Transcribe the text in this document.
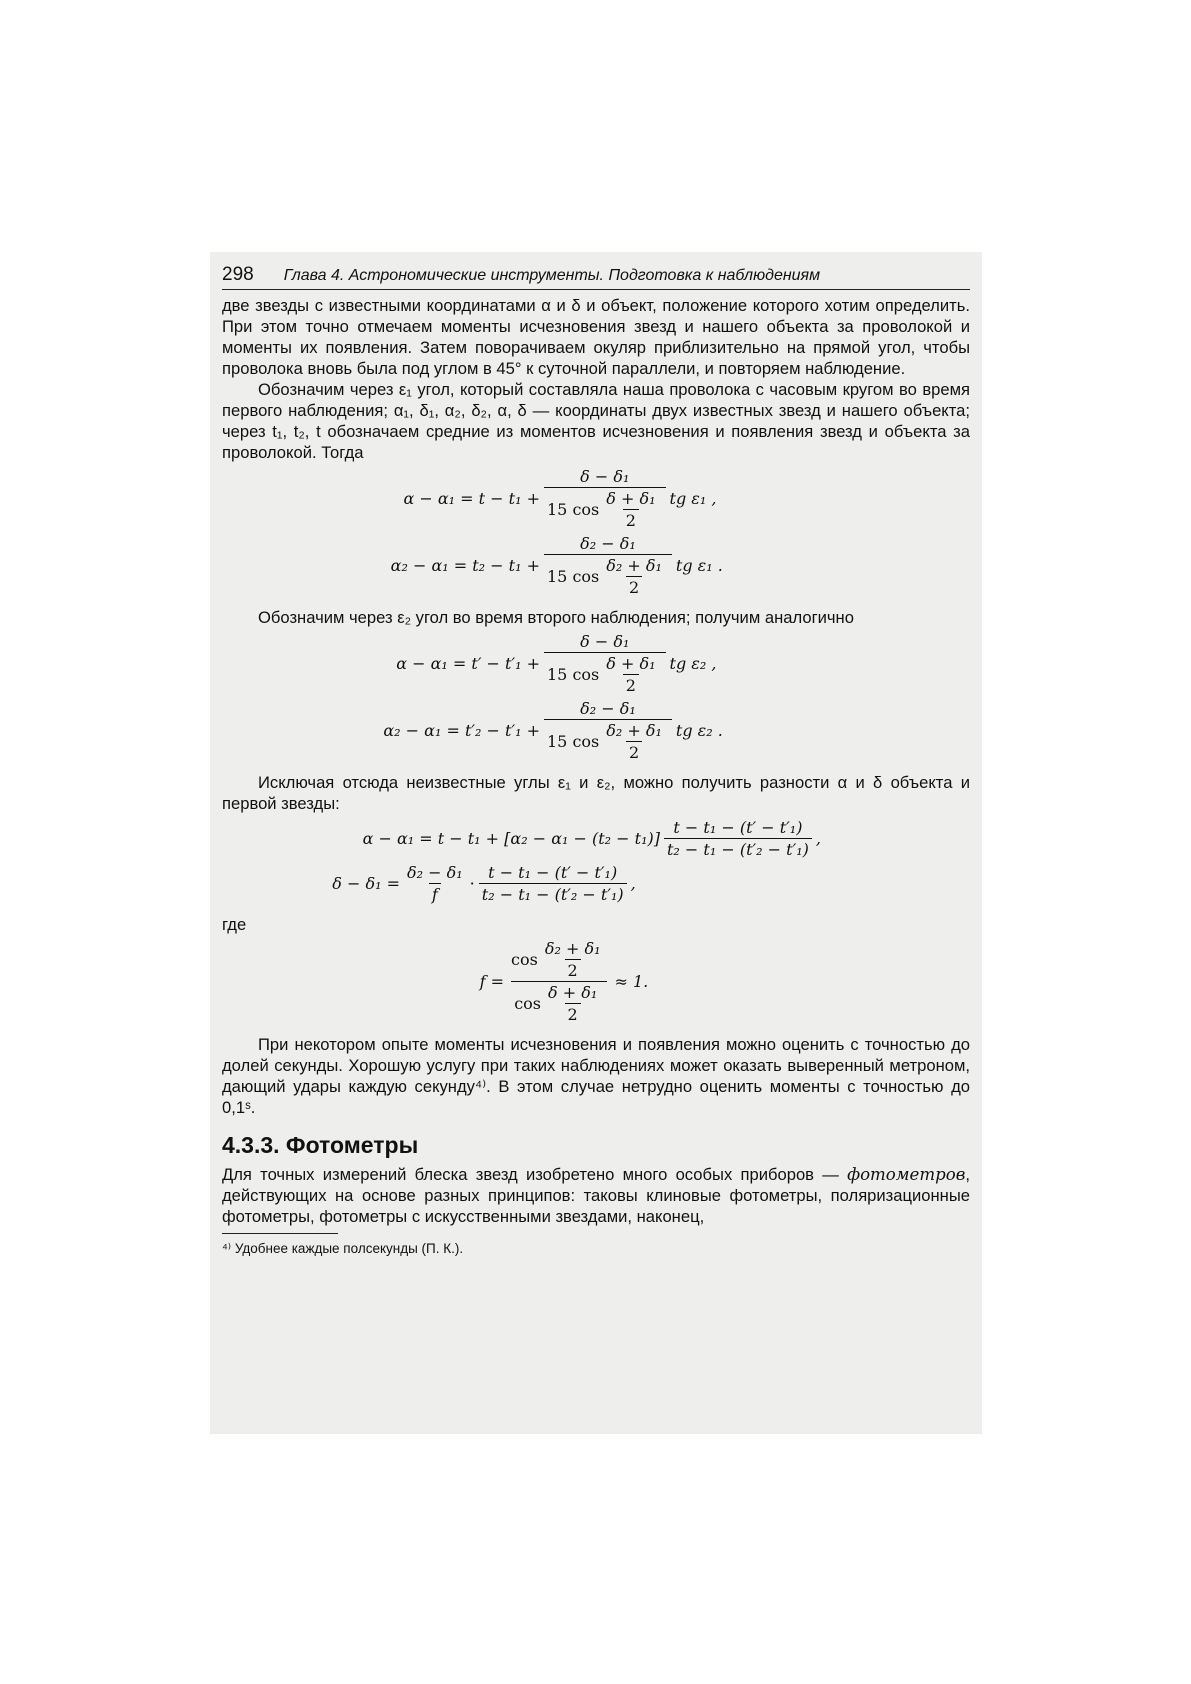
298 Глава 4. Астрономические инструменты. Подготовка к наблюдениям

две звезды с известными координатами α и δ и объект, положение которого хотим определить. При этом точно отмечаем моменты исчезновения звезд и нашего объекта за проволокой и моменты их появления. Затем поворачиваем окуляр приблизительно на прямой угол, чтобы проволока вновь была под углом в 45° к суточной параллели, и повторяем наблюдение.

Обозначим через ε₁ угол, который составляла наша проволока с часовым кругом во время первого наблюдения; α₁, δ₁, α₂, δ₂, α, δ — координаты двух известных звезд и нашего объекта; через t₁, t₂, t обозначаем средние из моментов исчезновения и появления звезд и объекта за проволокой. Тогда

$\alpha - \alpha_1 = t - t_1 + \frac{\text{δ − δ₁}}{15 \cos \frac{\text{δ + δ₁}}{2}}$ tg ε₁ ,
$\alpha_2 - \alpha_1 = t_2 - t_1 + \frac{\text{δ₂ − δ₁}}{15 \cos \frac{\text{δ₂ + δ₁}}{2}}$ tg ε₁ .

Обозначим через ε₂ угол во время второго наблюдения; получим аналогично

$\alpha - \alpha_1 = t' - t'_1 + \frac{\text{δ − δ₁}}{15 \cos \frac{\text{δ + δ₁}}{2}}$ tg ε₂ ,
$\alpha_2 - \alpha_1 = t'_2 - t'_1 + \frac{\text{δ₂ − δ₁}}{15 \cos \frac{\text{δ₂ + δ₁}}{2}}$ tg ε₂ .

Исключая отсюда неизвестные углы ε₁ и ε₂, можно получить разности α и δ объекта и первой звезды:

$\alpha - \alpha_1 = t - t_1 + [\alpha_2 - \alpha_1 - (t_2 - t_1)] \frac{\text{t − t₁ − (t′ − t′₁)}}{\text{t₂ − t₁ − (t′₂ − t′₁)}}$ ,
$\delta - \delta_1 = \frac{\text{δ₂ − δ₁}}{f} \cdot \frac{\text{t − t₁ − (t′ − t′₁)}}{\text{t₂ − t₁ − (t′₂ − t′₁)}}$ ,

где

$f = \frac{\cos \frac{\text{δ₂ + δ₁}}{2}}{\cos \frac{\text{δ + δ₁}}{2}} \approx 1$.

При некотором опыте моменты исчезновения и появления можно оценить с точностью до долей секунды. Хорошую услугу при таких наблюдениях может оказать выверенный метроном, дающий удары каждую секунду⁴⁾. В этом случае нетрудно оценить моменты с точностью до 0,1ˢ.

4.3.3. Фотометры

Для точных измерений блеска звезд изобретено много особых приборов — фотометров, действующих на основе разных принципов: таковы клиновые фотометры, поляризационные фотометры, фотометры с искусственными звездами, наконец,

⁴⁾ Удобнее каждые полсекунды (П. К.).
